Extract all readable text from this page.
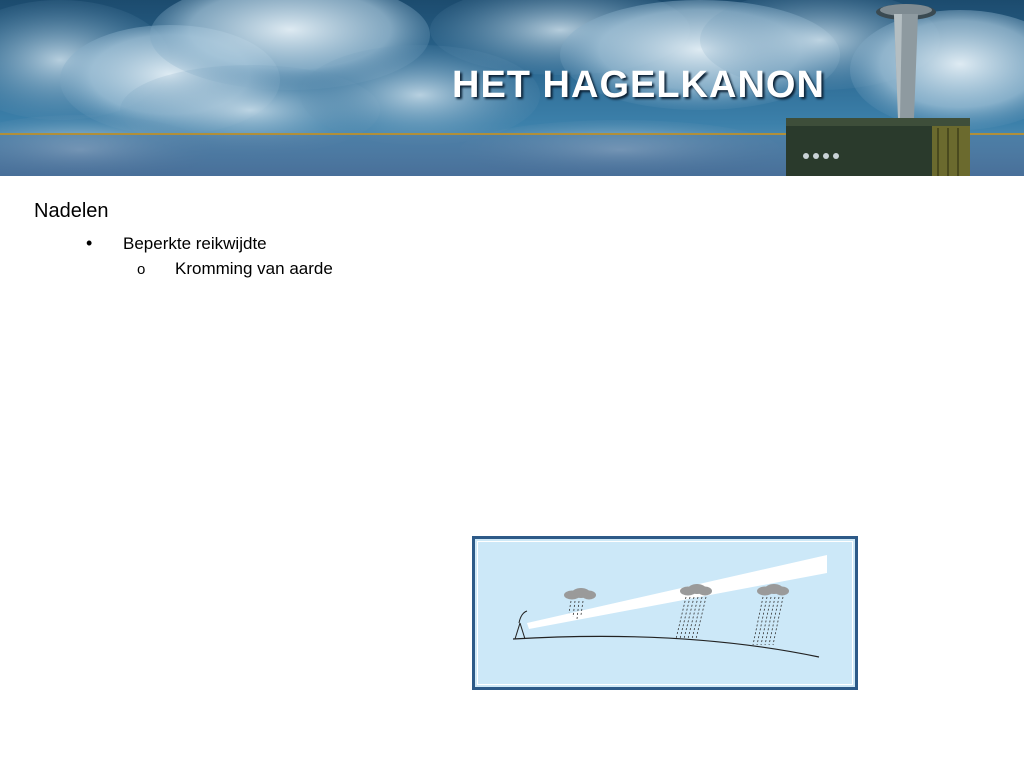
HET HAGELKANON
Nadelen
•	Beperkte reikwijdte
o	Kromming van aarde
